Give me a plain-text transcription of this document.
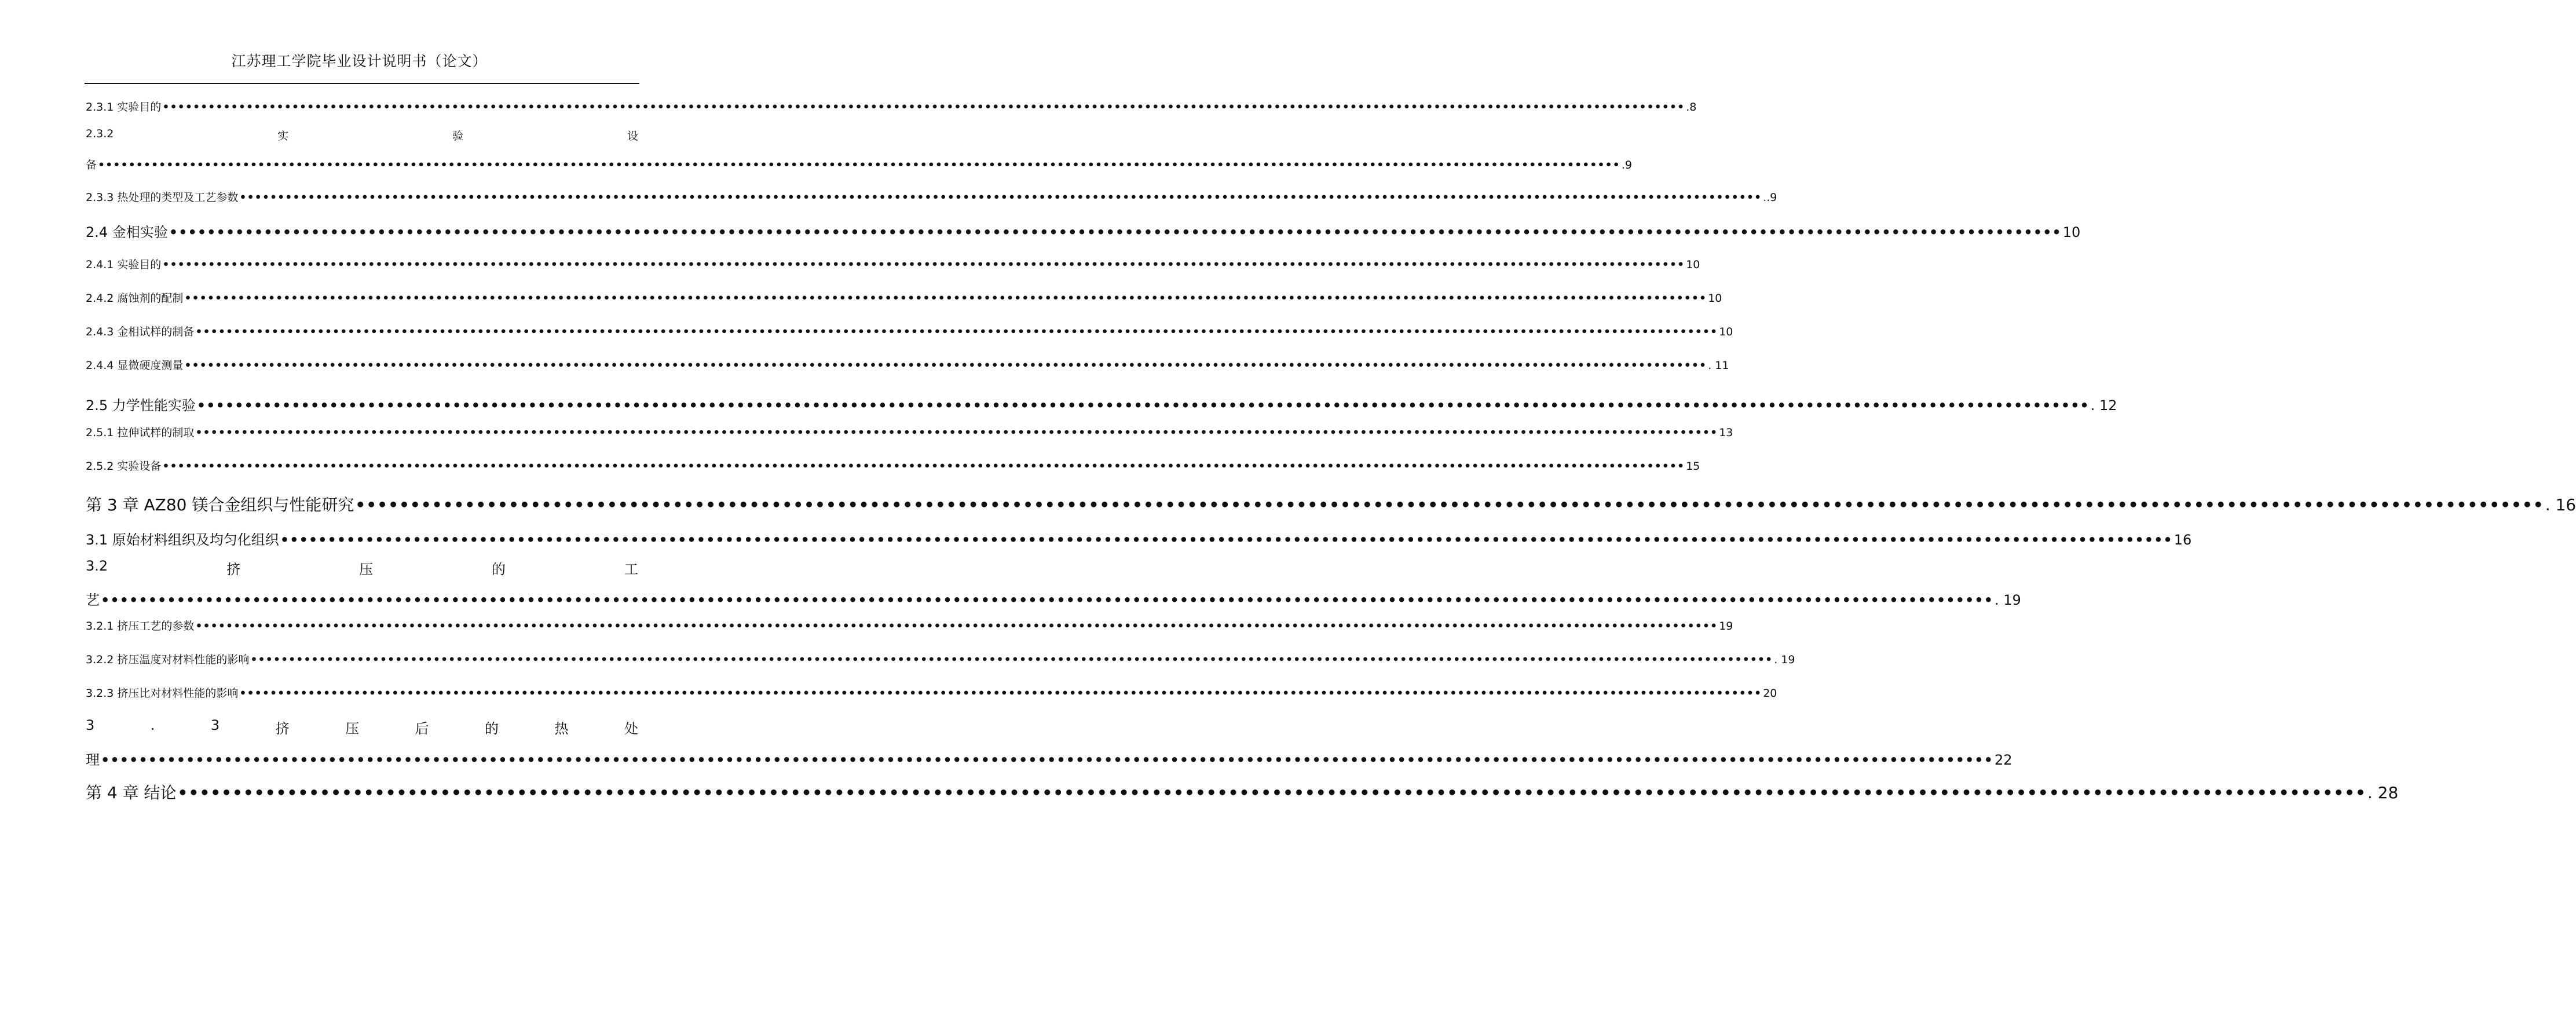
江苏理工学院毕业设计说明书（论文）
2.3.1 实验目的 •••••••••••••••••••••••••••••••••••••••••••••••••••••••••••••••••••••••••••••••••••••••••••••••••••••••••••••••••••••••••••••••••••••••••••••••••••••••••••••••••••••••••••••••••••••••••••••••••••••••• .8
2.3.2	实	验	设
备 •••••••••••••••••••••••••••••••••••••••••••••••••••••••••••••••••••••••••••••••••••••••••••••••••••••••••••••••••••••••••••••••••••••••••••••••••••••••••••••••••••••••••••••••••••••••••••••••••••••••• .9
2.3.3 热处理的类型及工艺参数 •••••••••••••••••••••••••••••••••••••••••••••••••••••••••••••••••••••••••••••••••••••••••••••••••••••••••••••••••••••••••••••••••••••••••••••••••••••••••••••••••••••••••••••••••••••••••••••••••••••••• ..9
2.4 金相实验 •••••••••••••••••••••••••••••••••••••••••••••••••••••••••••••••••••••••••••••••••••••••••••••••••••••••••••••••••••••••••••••••••••••••••••••••••••••••••••••••••••••••••••••••••••••••••••••••••••••••• 10
2.4.1 实验目的 •••••••••••••••••••••••••••••••••••••••••••••••••••••••••••••••••••••••••••••••••••••••••••••••••••••••••••••••••••••••••••••••••••••••••••••••••••••••••••••••••••••••••••••••••••••••••••••••••••••••• 10
2.4.2 腐蚀剂的配制 •••••••••••••••••••••••••••••••••••••••••••••••••••••••••••••••••••••••••••••••••••••••••••••••••••••••••••••••••••••••••••••••••••••••••••••••••••••••••••••••••••••••••••••••••••••••••••••••••••••••• 10
2.4.3 金相试样的制备 •••••••••••••••••••••••••••••••••••••••••••••••••••••••••••••••••••••••••••••••••••••••••••••••••••••••••••••••••••••••••••••••••••••••••••••••••••••••••••••••••••••••••••••••••••••••••••••••••••••••• 10
2.4.4 显微硬度测量 •••••••••••••••••••••••••••••••••••••••••••••••••••••••••••••••••••••••••••••••••••••••••••••••••••••••••••••••••••••••••••••••••••••••••••••••••••••••••••••••••••••••••••••••••••••••••••••••••••••••• . 11
2.5 力学性能实验 •••••••••••••••••••••••••••••••••••••••••••••••••••••••••••••••••••••••••••••••••••••••••••••••••••••••••••••••••••••••••••••••••••••••••••••••••••••••••••••••••••••••••••••••••••••••••••••••••••••••• . 12
2.5.1 拉伸试样的制取 •••••••••••••••••••••••••••••••••••••••••••••••••••••••••••••••••••••••••••••••••••••••••••••••••••••••••••••••••••••••••••••••••••••••••••••••••••••••••••••••••••••••••••••••••••••••••••••••••••••••• 13
2.5.2 实验设备 •••••••••••••••••••••••••••••••••••••••••••••••••••••••••••••••••••••••••••••••••••••••••••••••••••••••••••••••••••••••••••••••••••••••••••••••••••••••••••••••••••••••••••••••••••••••••••••••••••••••• 15
第 3 章 AZ80 镁合金组织与性能研究 •••••••••••••••••••••••••••••••••••••••••••••••••••••••••••••••••••••••••••••••••••••••••••••••••••••••••••••••••••••••••••••••••••••••••••••••••••••••••••••••••••••••••••••••••••••••••••••••••••••••• . 16
3.1 原始材料组织及均匀化组织 •••••••••••••••••••••••••••••••••••••••••••••••••••••••••••••••••••••••••••••••••••••••••••••••••••••••••••••••••••••••••••••••••••••••••••••••••••••••••••••••••••••••••••••••••••••••••••••••••••••••• 16
3.2	挤	压	的	工
艺 •••••••••••••••••••••••••••••••••••••••••••••••••••••••••••••••••••••••••••••••••••••••••••••••••••••••••••••••••••••••••••••••••••••••••••••••••••••••••••••••••••••••••••••••••••••••••••••••••••••••• . 19
3.2.1 挤压工艺的参数 •••••••••••••••••••••••••••••••••••••••••••••••••••••••••••••••••••••••••••••••••••••••••••••••••••••••••••••••••••••••••••••••••••••••••••••••••••••••••••••••••••••••••••••••••••••••••••••••••••••••• 19
3.2.2 挤压温度对材料性能的影响 •••••••••••••••••••••••••••••••••••••••••••••••••••••••••••••••••••••••••••••••••••••••••••••••••••••••••••••••••••••••••••••••••••••••••••••••••••••••••••••••••••••••••••••••••••••••••••••••••••••••• . 19
3.2.3 挤压比对材料性能的影响 •••••••••••••••••••••••••••••••••••••••••••••••••••••••••••••••••••••••••••••••••••••••••••••••••••••••••••••••••••••••••••••••••••••••••••••••••••••••••••••••••••••••••••••••••••••••••••••••••••••••• 20
3	.	3	挤	压	后	的	热	处
理 •••••••••••••••••••••••••••••••••••••••••••••••••••••••••••••••••••••••••••••••••••••••••••••••••••••••••••••••••••••••••••••••••••••••••••••••••••••••••••••••••••••••••••••••••••••••••••••••••••••••• 22
第 4 章 结论 •••••••••••••••••••••••••••••••••••••••••••••••••••••••••••••••••••••••••••••••••••••••••••••••••••••••••••••••••••••••••••••••••••••••••••••••••••••••••••••••••••••••••••••••••••••••••••••••••••••••• . 28
